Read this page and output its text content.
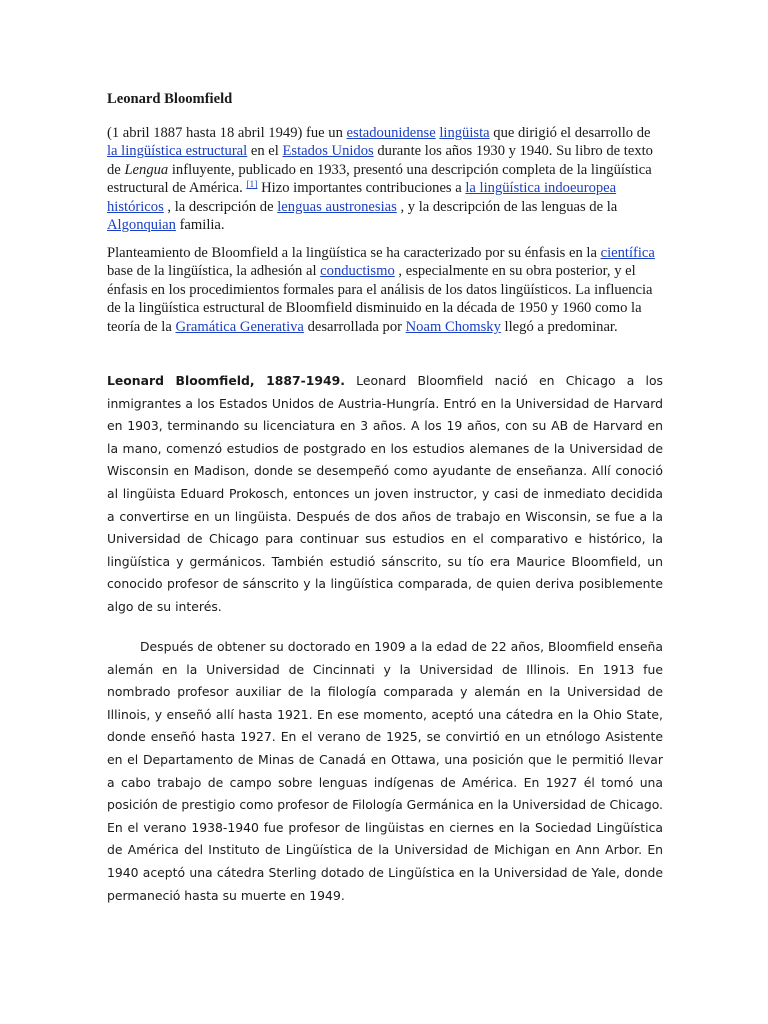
Leonard Bloomfield

(1 abril 1887 hasta 18 abril 1949) fue un estadounidense lingüista que dirigió el desarrollo de la lingüística estructural en el Estados Unidos durante los años 1930 y 1940. Su libro de texto de Lengua influyente, publicado en 1933, presentó una descripción completa de la lingüística estructural de América. [1] Hizo importantes contribuciones a la lingüística indoeuropea históricos , la descripción de lenguas austronesias , y la descripción de las lenguas de la Algonquian familia.

Planteamiento de Bloomfield a la lingüística se ha caracterizado por su énfasis en la científica base de la lingüística, la adhesión al conductismo , especialmente en su obra posterior, y el énfasis en los procedimientos formales para el análisis de los datos lingüísticos. La influencia de la lingüística estructural de Bloomfield disminuido en la década de 1950 y 1960 como la teoría de la Gramática Generativa desarrollada por Noam Chomsky llegó a predominar.

Leonard Bloomfield, 1887-1949. Leonard Bloomfield nació en Chicago a los inmigrantes a los Estados Unidos de Austria-Hungría. Entró en la Universidad de Harvard en 1903, terminando su licenciatura en 3 años. A los 19 años, con su AB de Harvard en la mano, comenzó estudios de postgrado en los estudios alemanes de la Universidad de Wisconsin en Madison, donde se desempeñó como ayudante de enseñanza. Allí conoció al lingüista Eduard Prokosch, entonces un joven instructor, y casi de inmediato decidida a convertirse en un lingüista. Después de dos años de trabajo en Wisconsin, se fue a la Universidad de Chicago para continuar sus estudios en el comparativo e histórico, la lingüística y germánicos. También estudió sánscrito, su tío era Maurice Bloomfield, un conocido profesor de sánscrito y la lingüística comparada, de quien deriva posiblemente algo de su interés.

Después de obtener su doctorado en 1909 a la edad de 22 años, Bloomfield enseña alemán en la Universidad de Cincinnati y la Universidad de Illinois. En 1913 fue nombrado profesor auxiliar de la filología comparada y alemán en la Universidad de Illinois, y enseñó allí hasta 1921. En ese momento, aceptó una cátedra en la Ohio State, donde enseñó hasta 1927. En el verano de 1925, se convirtió en un etnólogo Asistente en el Departamento de Minas de Canadá en Ottawa, una posición que le permitió llevar a cabo trabajo de campo sobre lenguas indígenas de América. En 1927 él tomó una posición de prestigio como profesor de Filología Germánica en la Universidad de Chicago. En el verano 1938-1940 fue profesor de lingüistas en ciernes en la Sociedad Lingüística de América del Instituto de Lingüística de la Universidad de Michigan en Ann Arbor. En 1940 aceptó una cátedra Sterling dotado de Lingüística en la Universidad de Yale, donde permaneció hasta su muerte en 1949.
